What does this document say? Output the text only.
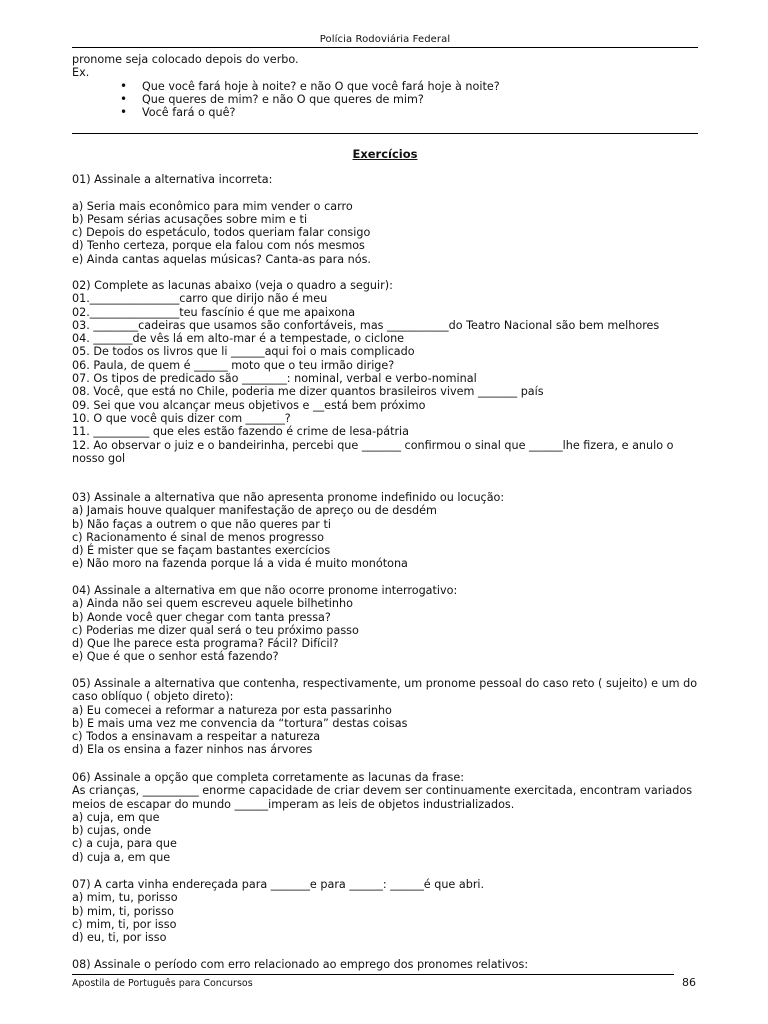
Polícia Rodoviária Federal
pronome seja colocado depois do verbo.
Ex.
• Que você fará hoje à noite? e não O que você fará hoje à noite?
• Que queres de mim? e não O que queres de mim?
• Você fará o quê?
Exercícios
01) Assinale a alternativa incorreta:
a) Seria mais econômico para mim vender o carro
b) Pesam sérias acusações sobre mim e ti
c) Depois do espetáculo, todos queriam falar consigo
d) Tenho certeza, porque ela falou com nós mesmos
e) Ainda cantas aquelas músicas? Canta-as para nós.
02) Complete as lacunas abaixo (veja o quadro a seguir):
01.________________carro que dirijo não é meu
02.________________teu fascínio é que me apaixona
03. ________cadeiras que usamos são confortáveis, mas ___________do Teatro Nacional são bem melhores
04. _______de vês lá em alto-mar é a tempestade, o ciclone
05. De todos os livros que li ______aqui foi o mais complicado
06. Paula, de quem é ______ moto que o teu irmão dirige?
07. Os tipos de predicado são ________: nominal, verbal e verbo-nominal
08. Você, que está no Chile, poderia me dizer quantos brasileiros vivem _______ país
09. Sei que vou alcançar meus objetivos e __está bem próximo
10. O que você quis dizer com _______?
11. __________ que eles estão fazendo é crime de lesa-pátria
12. Ao observar o juiz e o bandeirinha, percebi que _______ confirmou o sinal que ______lhe fizera, e anulo o nosso gol
03) Assinale a alternativa que não apresenta pronome indefinido ou locução:
a) Jamais houve qualquer manifestação de apreço ou de desdém
b) Não faças a outrem o que não queres par ti
c) Racionamento é sinal de menos progresso
d) É mister que se façam bastantes exercícios
e) Não moro na fazenda porque lá a vida é muito monótona
04) Assinale a alternativa em que não ocorre pronome interrogativo:
a) Ainda não sei quem escreveu aquele bilhetinho
b) Aonde você quer chegar com tanta pressa?
c) Poderias me dizer qual será o teu próximo passo
d) Que lhe parece esta programa? Fácil? Difícil?
e) Que é que o senhor está fazendo?
05) Assinale a alternativa que contenha, respectivamente, um pronome pessoal do caso reto ( sujeito) e um do caso oblíquo ( objeto direto):
a) Eu comecei a reformar a natureza por esta passarinho
b) E mais uma vez me convencia da “tortura” destas coisas
c) Todos a ensinavam a respeitar a natureza
d) Ela os ensina a fazer ninhos nas árvores
06) Assinale a opção que completa corretamente as lacunas da frase:
As crianças, __________ enorme capacidade de criar devem ser continuamente exercitada, encontram variados meios de escapar do mundo ______imperam as leis de objetos industrializados.
a) cuja, em que
b) cujas, onde
c) a cuja, para que
d) cuja a, em que
07) A carta vinha endereçada para _______e para ______: ______é que abri.
a) mim, tu, porisso
b) mim, ti, porisso
c) mim, ti, por isso
d) eu, ti, por isso
08) Assinale o período com erro relacionado ao emprego dos pronomes relativos:
Apostila de Português para Concursos	86
